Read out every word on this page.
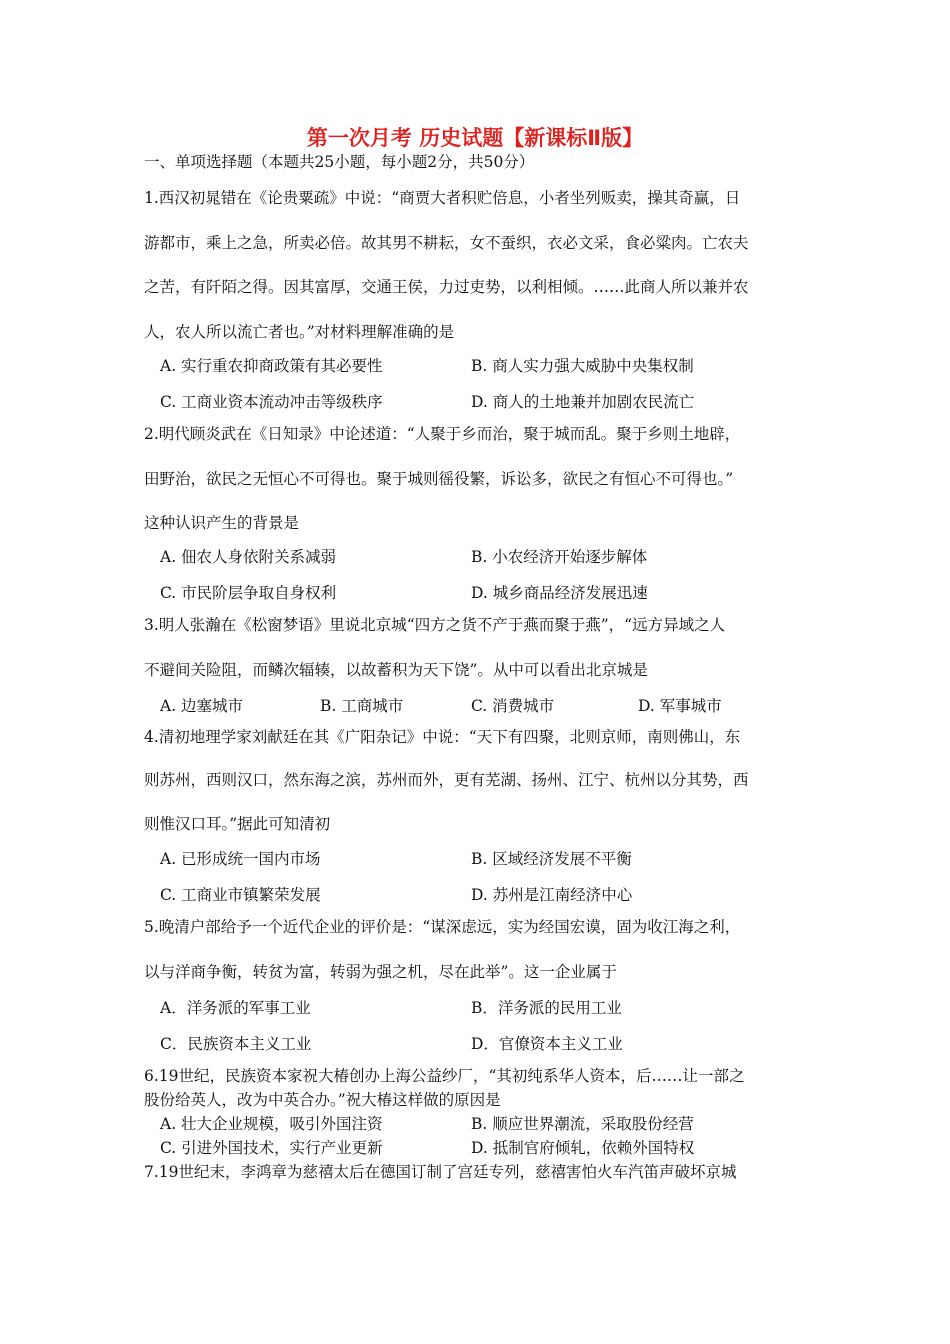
第一次月考 历史试题【新课标Ⅱ版】
一、单项选择题（本题共25小题，每小题2分，共50分）
1.西汉初晁错在《论贵粟疏》中说：“商贾大者积贮倍息，小者坐列贩卖，操其奇赢，日
游都市，乘上之急，所卖必倍。故其男不耕耘，女不蚕织，衣必文采，食必粱肉。亡农夫
之苦，有阡陌之得。因其富厚，交通王侯，力过吏势，以利相倾。……此商人所以兼并农
人，农人所以流亡者也。”对材料理解准确的是
A. 实行重农抑商政策有其必要性	B. 商人实力强大威胁中央集权制
C. 工商业资本流动冲击等级秩序	D. 商人的土地兼并加剧农民流亡
2.明代顾炎武在《日知录》中论述道：“人聚于乡而治，聚于城而乱。聚于乡则土地辟，
田野治，欲民之无恒心不可得也。聚于城则徭役繁，诉讼多，欲民之有恒心不可得也。”
这种认识产生的背景是
A. 佃农人身依附关系减弱	B. 小农经济开始逐步解体
C. 市民阶层争取自身权利	D. 城乡商品经济发展迅速
3.明人张瀚在《松窗梦语》里说北京城“四方之货不产于燕而聚于燕”，“远方异域之人
不避间关险阻，而鳞次辐辏，以故蓄积为天下饶”。从中可以看出北京城是
A. 边塞城市	B. 工商城市	C. 消费城市	D. 军事城市
4.清初地理学家刘献廷在其《广阳杂记》中说：“天下有四聚，北则京师，南则佛山，东
则苏州，西则汉口，然东海之滨，苏州而外，更有芜湖、扬州、江宁、杭州以分其势，西
则惟汉口耳。”据此可知清初
A. 已形成统一国内市场	B. 区域经济发展不平衡
C. 工商业市镇繁荣发展	D. 苏州是江南经济中心
5.晚清户部给予一个近代企业的评价是：“谋深虑远，实为经国宏谟，固为收江海之利，
以与洋商争衡，转贫为富，转弱为强之机，尽在此举”。这一企业属于
A．洋务派的军事工业	B．洋务派的民用工业
C．民族资本主义工业	D．官僚资本主义工业
6.19世纪，民族资本家祝大椿创办上海公益纱厂，“其初纯系华人资本，后……让一部之
股份给英人，改为中英合办。”祝大椿这样做的原因是
A. 壮大企业规模，吸引外国注资	B. 顺应世界潮流，采取股份经营
C. 引进外国技术，实行产业更新	D. 抵制官府倾轧，依赖外国特权
7.19世纪末，李鸿章为慈禧太后在德国订制了宫廷专列，慈禧害怕火车汽笛声破坏京城
